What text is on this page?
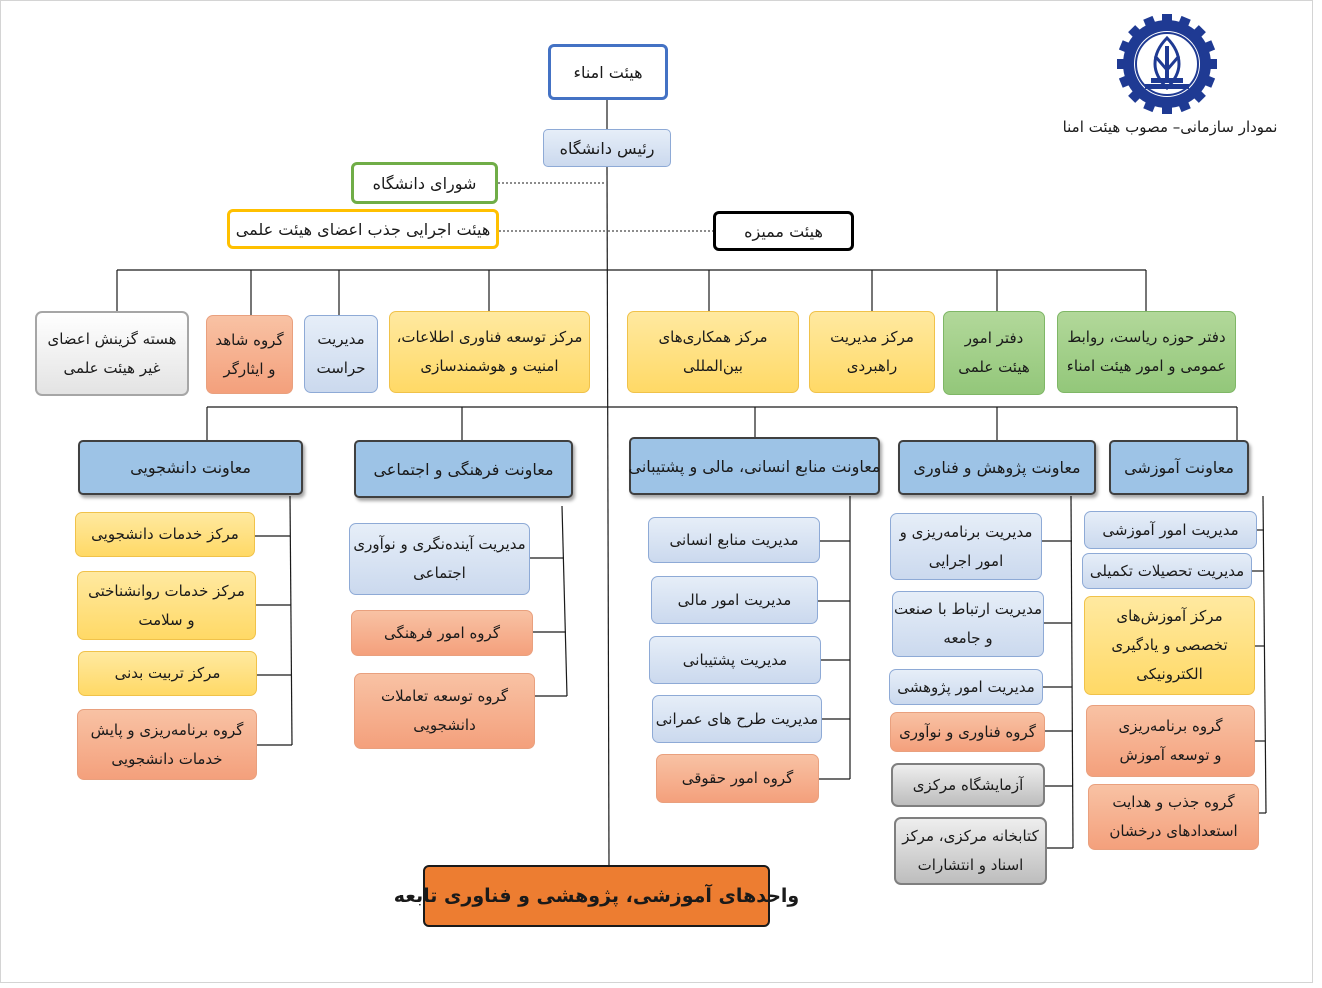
نمودار سازمانی– مصوب هیئت امنا
هیئت امناء
رئیس دانشگاه
شورای دانشگاه
هیئت اجرایی جذب اعضای هیئت علمی	هیئت ممیزه
دفتر حوزه ریاست، روابط
عمومی و امور هیئت امناء
دفتر امور
هیئت علمی
مرکز مدیریت
راهبردی
مرکز همکاری‌های
بین‌المللی
مرکز توسعه فناوری اطلاعات،
امنیت و هوشمندسازی
مدیریت
حراست
گروه شاهد
و ایثارگر
هسته گزینش اعضای
غیر هیئت علمی
معاونت آموزشی
معاونت پژوهش و فناوری
معاونت منابع انسانی، مالی و پشتیبانی
معاونت فرهنگی و اجتماعی
معاونت دانشجویی
مدیریت امور آموزشی
مدیریت تحصیلات تکمیلی
مرکز آموزش‌های
تخصصی و یادگیری
الکترونیکی
گروه برنامه‌ریزی
و توسعه آموزش
گروه جذب و هدایت
استعدادهای درخشان
مدیریت برنامه‌ریزی و
امور اجرایی
مدیریت ارتباط با صنعت
و جامعه
مدیریت امور پژوهشی
گروه فناوری و نوآوری
آزمایشگاه مرکزی
کتابخانه مرکزی، مرکز
اسناد و انتشارات
مدیریت منابع انسانی
مدیریت امور مالی
مدیریت پشتیبانی
مدیریت طرح های عمرانی
گروه امور حقوقی
مدیریت آینده‌نگری و نوآوری
اجتماعی
گروه امور فرهنگی
گروه توسعه تعاملات
دانشجویی
مرکز خدمات دانشجویی
مرکز خدمات روانشناختی
و سلامت
مرکز تربیت بدنی
گروه برنامه‌ریزی و پایش
خدمات دانشجویی
واحدهای آموزشی، پژوهشی و فناوری تابعه
